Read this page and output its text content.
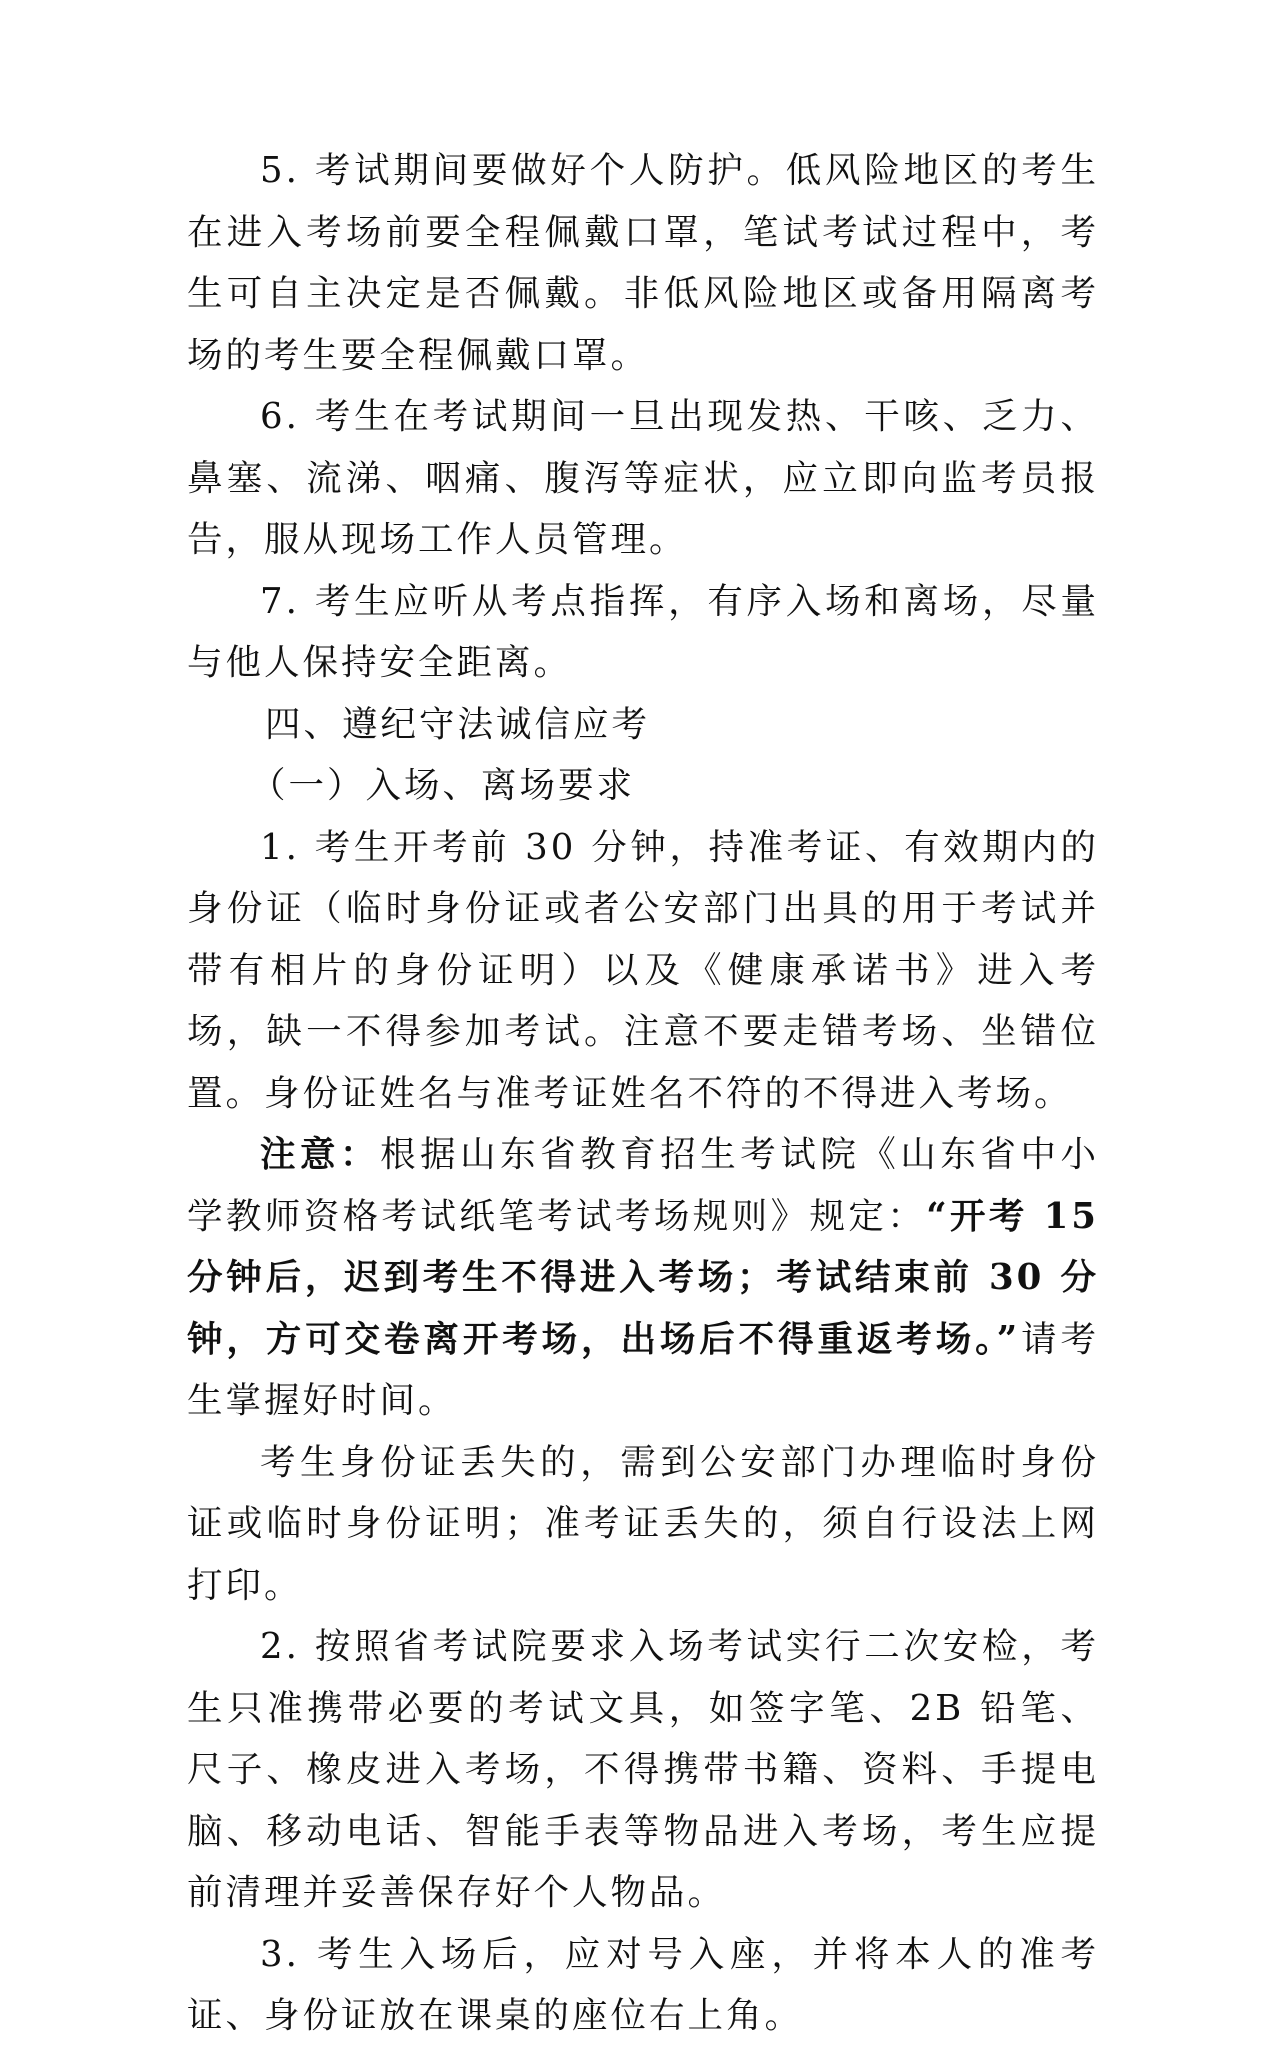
5. 考试期间要做好个人防护。低风险地区的考生在进入考场前要全程佩戴口罩，笔试考试过程中，考生可自主决定是否佩戴。非低风险地区或备用隔离考场的考生要全程佩戴口罩。

6. 考生在考试期间一旦出现发热、干咳、乏力、鼻塞、流涕、咽痛、腹泻等症状，应立即向监考员报告，服从现场工作人员管理。

7. 考生应听从考点指挥，有序入场和离场，尽量与他人保持安全距离。

四、遵纪守法诚信应考

（一）入场、离场要求

1. 考生开考前 30 分钟，持准考证、有效期内的身份证（临时身份证或者公安部门出具的用于考试并带有相片的身份证明）以及《健康承诺书》进入考场，缺一不得参加考试。注意不要走错考场、坐错位置。身份证姓名与准考证姓名不符的不得进入考场。

注意：根据山东省教育招生考试院《山东省中小学教师资格考试纸笔考试考场规则》规定：“开考 15 分钟后，迟到考生不得进入考场；考试结束前 30 分钟，方可交卷离开考场，出场后不得重返考场。”请考生掌握好时间。

考生身份证丢失的，需到公安部门办理临时身份证或临时身份证明；准考证丢失的，须自行设法上网打印。

2. 按照省考试院要求入场考试实行二次安检，考生只准携带必要的考试文具，如签字笔、2B 铅笔、尺子、橡皮进入考场，不得携带书籍、资料、手提电脑、移动电话、智能手表等物品进入考场，考生应提前清理并妥善保存好个人物品。

3. 考生入场后，应对号入座，并将本人的准考证、身份证放在课桌的座位右上角。
